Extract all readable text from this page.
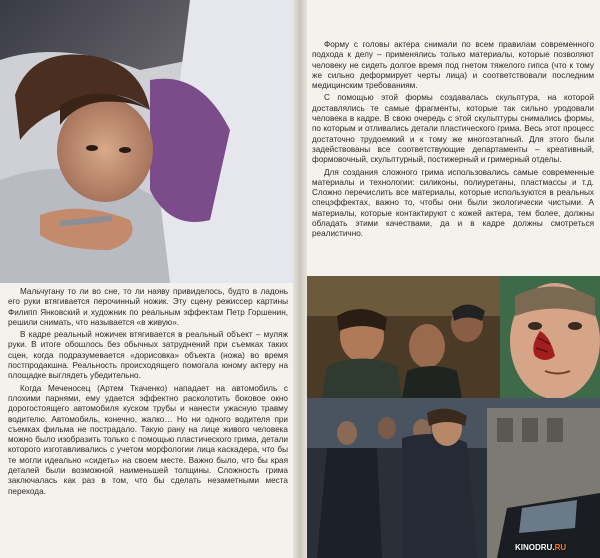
Мальчугану то ли во сне, то ли наяву привиделось, будто в ладонь его руки втягивается перочинный ножик. Эту сцену режиссер картины Филипп Янковский и художник по реальным эффектам Петр Горшенин, решили снимать, что называется «в живую».

В кадре реальный ножичек втягивается в реальный объект – муляж руки. В итоге обошлось без обычных затруднений при съемках таких сцен, когда подразумевается «дорисовка» объекта (ножа) во время постпродакшна. Реальность происходящего помогала юному актеру на площадке выглядеть убедительно.

Когда Меченосец (Артем Ткаченко) нападает на автомобиль с плохими парнями, ему удается эффектно расколотить боковое окно дорогостоящего автомобиля куском трубы и нанести ужасную травму водителю. Автомобиль, конечно, жалко… Но ни одного водителя при съемках фильма не пострадало. Такую рану на лице живого человека можно было изобразить только с помощью пластического грима, детали которого изготавливались с учетом морфологии лица каскадера, что бы те могли идеально «сидеть» на своем месте. Важно было, что бы края деталей были возможной наименьшей толщины. Сложность грима заключалась как раз в том, что бы сделать незаметными места перехода.

Форму с головы актера снимали по всем правилам современного подхода к делу – применялись только материалы, которые позволяют человеку не сидеть долгое время под гнетом тяжелого гипса (что к тому же сильно деформирует черты лица) и соответствовали последним медицинским требованиям.

С помощью этой формы создавалась скульптура, на которой доставлялись те самые фрагменты, которые так сильно уродовали человека в кадре. В свою очередь с этой скульптуры снимались формы, по которым и отливались детали пластического грима. Весь этот процесс достаточно трудоемкий и к тому же многоэтапный. Для этого были задействованы все соответствующие департаменты – креативный, формовочный, скульптурный, постижерный и гримерный отделы.

Для создания сложного грима использовались самые современные материалы и технологии: силиконы, полиуретаны, пластмассы и т.д. Сложно перечислить все материалы, которые используются в реальных спецэффектах, важно то, чтобы они были экологически чистыми. А материалы, которые контактируют с кожей актера, тем более, должны обладать этими качествами, да и в кадре должны смотреться реалистично.

KINODRU.RU
